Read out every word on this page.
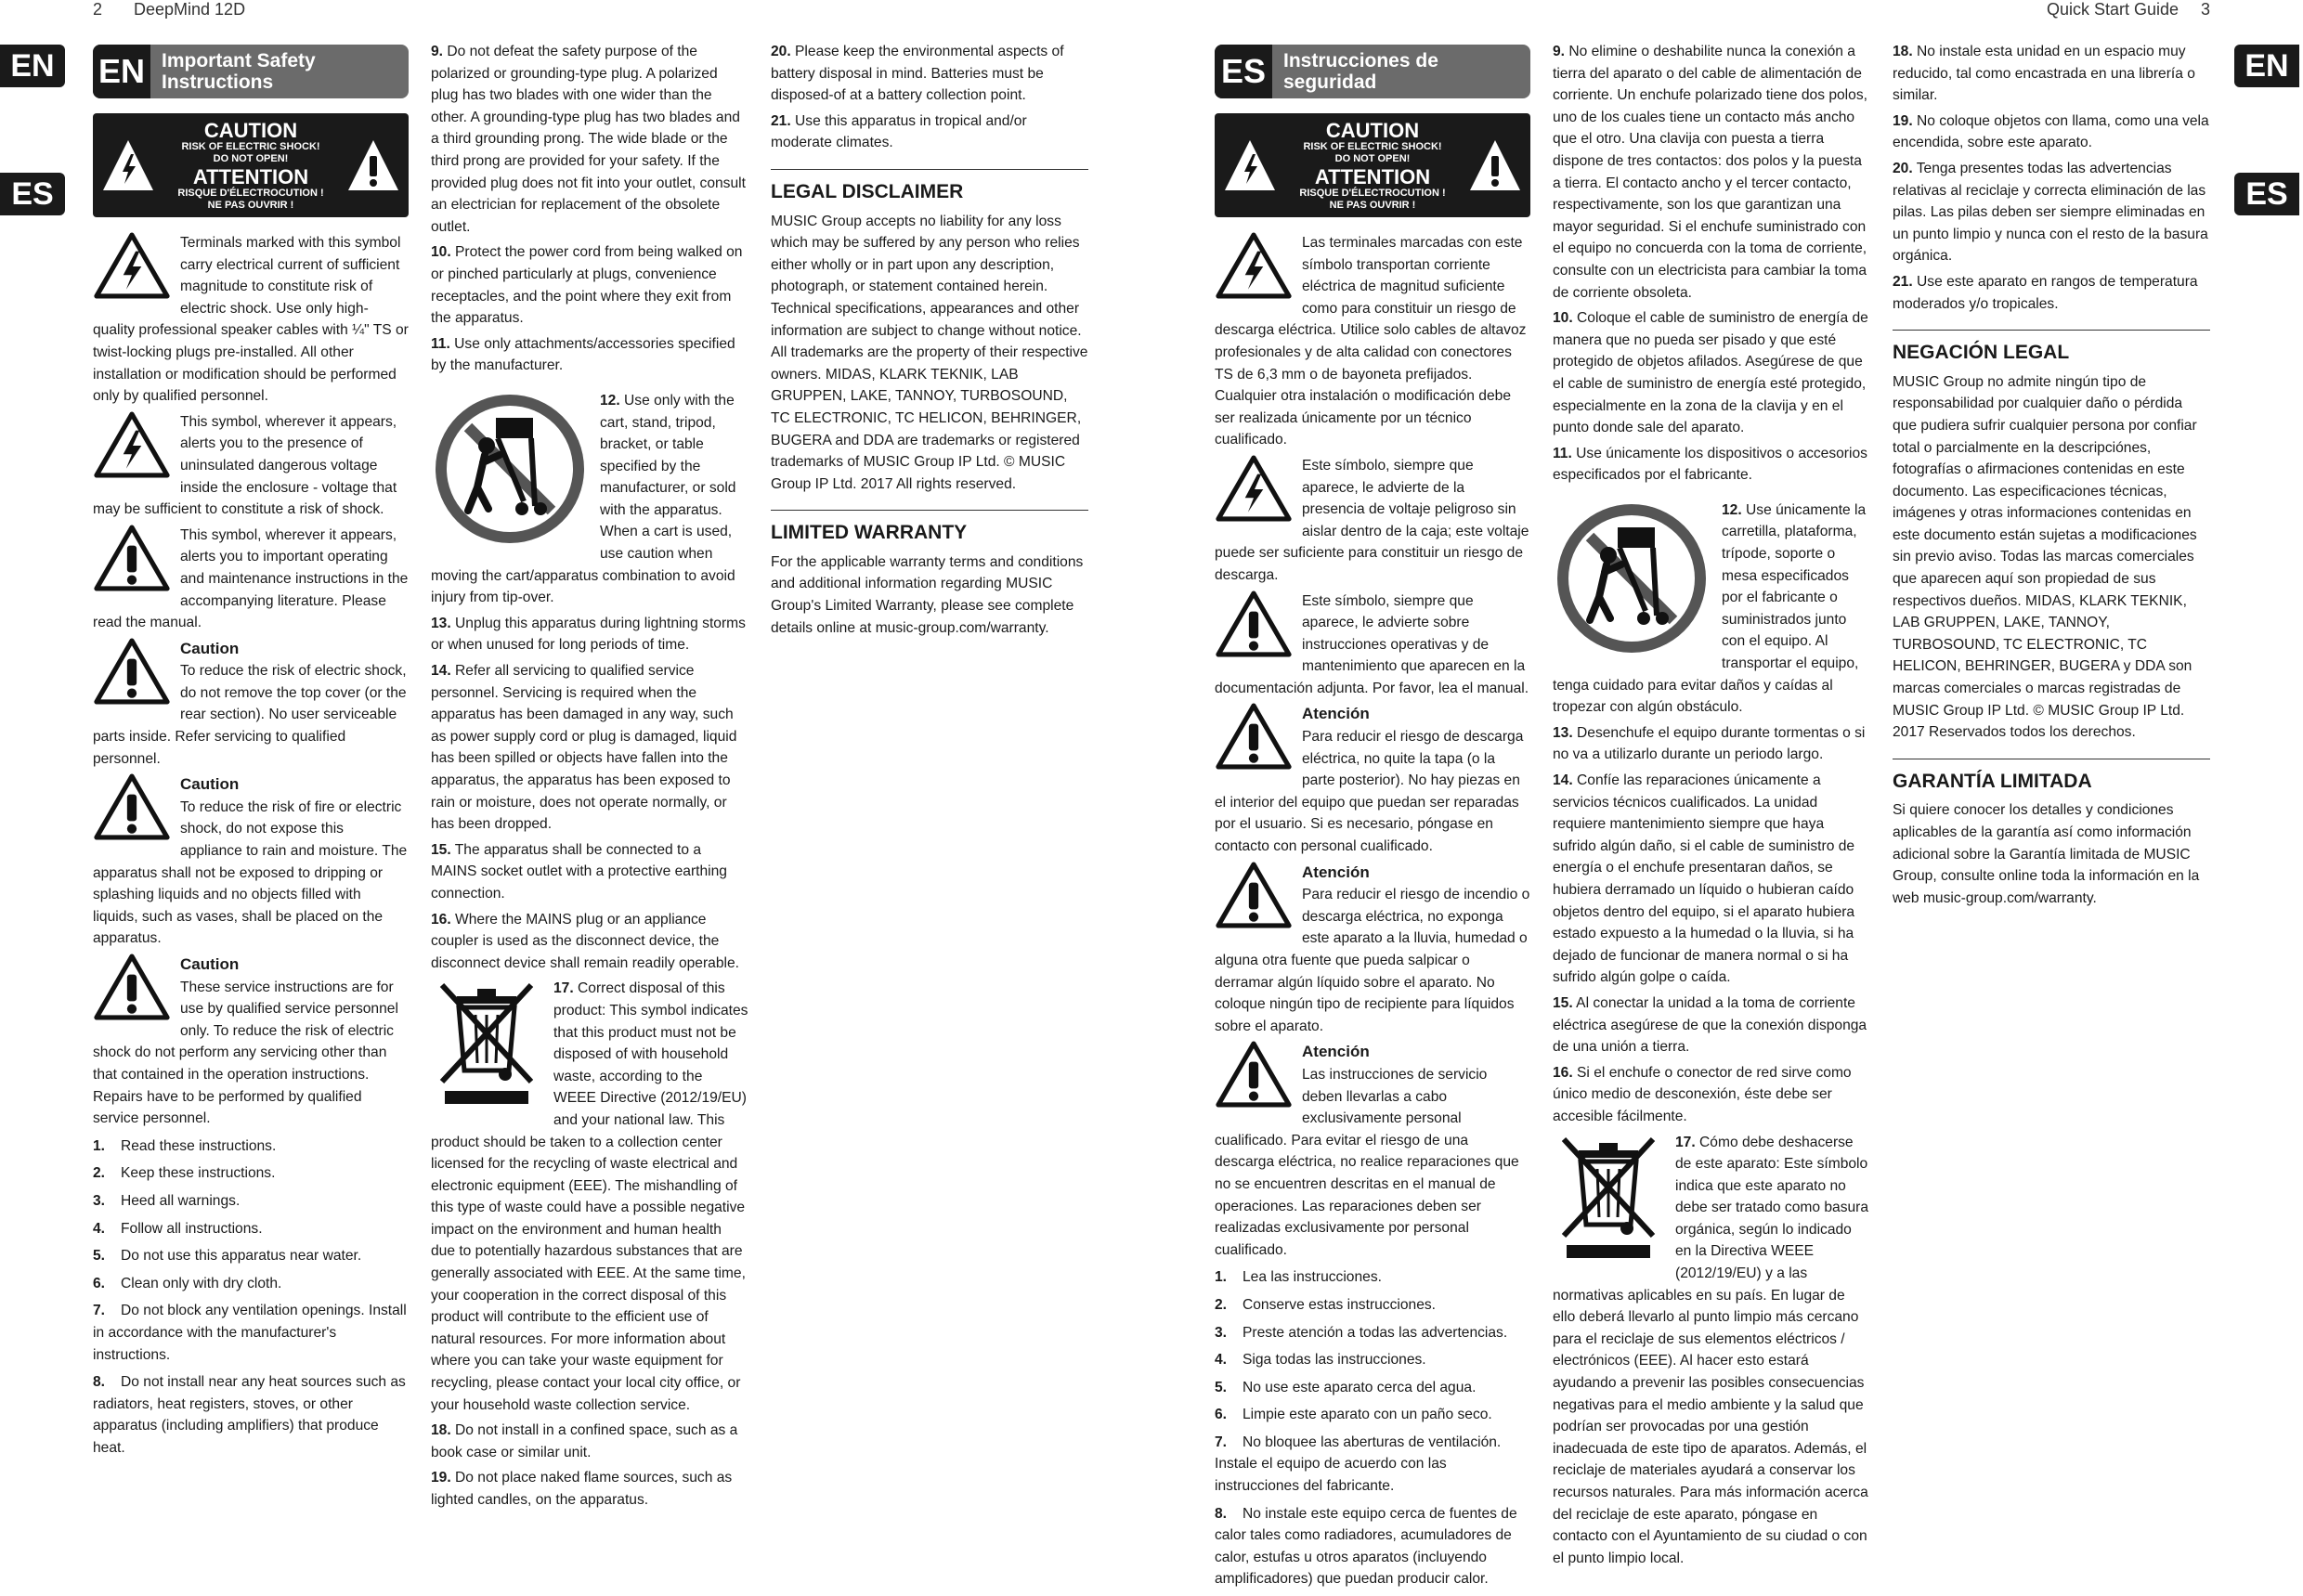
2 DeepMind 12D	Quick Start Guide 3
EN
ES
EN
ES
EN Important Safety
Instructions	ES Instrucciones de
seguridad
CAUTION
RISK OF ELECTRIC SHOCK!
DO NOT OPEN!
ATTENTION
RISQUE D'ÉLECTROCUTION !
NE PAS OUVRIR !
CAUTION
RISK OF ELECTRIC SHOCK!
DO NOT OPEN!
ATTENTION
RISQUE D'ÉLECTROCUTION !
NE PAS OUVRIR !

Terminals marked with this symbol carry electrical current of sufficient magnitude to constitute risk of electric shock. Use only high-quality professional speaker cables with ¼" TS or twist-locking plugs pre-installed. All other installation or modification should be performed only by qualified personnel.

This symbol, wherever it appears, alerts you to the presence of uninsulated dangerous voltage inside the enclosure - voltage that may be sufficient to constitute a risk of shock.

This symbol, wherever it appears, alerts you to important operating and maintenance instructions in the accompanying literature. Please read the manual.

Caution
To reduce the risk of electric shock, do not remove the top cover (or the rear section). No user serviceable parts inside. Refer servicing to qualified personnel.

Caution
To reduce the risk of fire or electric shock, do not expose this appliance to rain and moisture. The apparatus shall not be exposed to dripping or splashing liquids and no objects filled with liquids, such as vases, shall be placed on the apparatus.

Caution
These service instructions are for use by qualified service personnel only. To reduce the risk of electric shock do not perform any servicing other than that contained in the operation instructions. Repairs have to be performed by qualified service personnel.

1. Read these instructions.
2. Keep these instructions.
3. Heed all warnings.
4. Follow all instructions.
5. Do not use this apparatus near water.
6. Clean only with dry cloth.
7. Do not block any ventilation openings. Install in accordance with the manufacturer's instructions.
8. Do not install near any heat sources such as radiators, heat registers, stoves, or other apparatus (including amplifiers) that produce heat.

9. Do not defeat the safety purpose of the polarized or grounding-type plug. A polarized plug has two blades with one wider than the other. A grounding-type plug has two blades and a third grounding prong. The wide blade or the third prong are provided for your safety. If the provided plug does not fit into your outlet, consult an electrician for replacement of the obsolete outlet.

10. Protect the power cord from being walked on or pinched particularly at plugs, convenience receptacles, and the point where they exit from the apparatus.

11. Use only attachments/accessories specified by the manufacturer.

12. Use only with the cart, stand, tripod, bracket, or table specified by the manufacturer, or sold with the apparatus. When a cart is used, use caution when moving the cart/apparatus combination to avoid injury from tip-over.

13. Unplug this apparatus during lightning storms or when unused for long periods of time.

14. Refer all servicing to qualified service personnel. Servicing is required when the apparatus has been damaged in any way, such as power supply cord or plug is damaged, liquid has been spilled or objects have fallen into the apparatus, the apparatus has been exposed to rain or moisture, does not operate normally, or has been dropped.

15. The apparatus shall be connected to a MAINS socket outlet with a protective earthing connection.

16. Where the MAINS plug or an appliance coupler is used as the disconnect device, the disconnect device shall remain readily operable.

17. Correct disposal of this product: This symbol indicates that this product must not be disposed of with household waste, according to the WEEE Directive (2012/19/EU) and your national law. This product should be taken to a collection center licensed for the recycling of waste electrical and electronic equipment (EEE). The mishandling of this type of waste could have a possible negative impact on the environment and human health due to potentially hazardous substances that are generally associated with EEE. At the same time, your cooperation in the correct disposal of this product will contribute to the efficient use of natural resources. For more information about where you can take your waste equipment for recycling, please contact your local city office, or your household waste collection service.

18. Do not install in a confined space, such as a book case or similar unit.

19. Do not place naked flame sources, such as lighted candles, on the apparatus.

20. Please keep the environmental aspects of battery disposal in mind. Batteries must be disposed-of at a battery collection point.

21. Use this apparatus in tropical and/or moderate climates.

LEGAL DISCLAIMER

MUSIC Group accepts no liability for any loss which may be suffered by any person who relies either wholly or in part upon any description, photograph, or statement contained herein. Technical specifications, appearances and other information are subject to change without notice. All trademarks are the property of their respective owners. MIDAS, KLARK TEKNIK, LAB GRUPPEN, LAKE, TANNOY, TURBOSOUND, TC ELECTRONIC, TC HELICON, BEHRINGER, BUGERA and DDA are trademarks or registered trademarks of MUSIC Group IP Ltd. © MUSIC Group IP Ltd. 2017 All rights reserved.

LIMITED WARRANTY

For the applicable warranty terms and conditions and additional information regarding MUSIC Group's Limited Warranty, please see complete details online at music-group.com/warranty.

Las terminales marcadas con este símbolo transportan corriente eléctrica de magnitud suficiente como para constituir un riesgo de descarga eléctrica. Utilice solo cables de altavoz profesionales y de alta calidad con conectores TS de 6,3 mm o de bayoneta prefijados. Cualquier otra instalación o modificación debe ser realizada únicamente por un técnico cualificado.

Este símbolo, siempre que aparece, le advierte de la presencia de voltaje peligroso sin aislar dentro de la caja; este voltaje puede ser suficiente para constituir un riesgo de descarga.

Este símbolo, siempre que aparece, le advierte sobre instrucciones operativas y de mantenimiento que aparecen en la documentación adjunta. Por favor, lea el manual.

Atención
Para reducir el riesgo de descarga eléctrica, no quite la tapa (o la parte posterior). No hay piezas en el interior del equipo que puedan ser reparadas por el usuario. Si es necesario, póngase en contacto con personal cualificado.

Atención
Para reducir el riesgo de incendio o descarga eléctrica, no exponga este aparato a la lluvia, humedad o alguna otra fuente que pueda salpicar o derramar algún líquido sobre el aparato. No coloque ningún tipo de recipiente para líquidos sobre el aparato.

Atención
Las instrucciones de servicio deben llevarlas a cabo exclusivamente personal cualificado. Para evitar el riesgo de una descarga eléctrica, no realice reparaciones que no se encuentren descritas en el manual de operaciones. Las reparaciones deben ser realizadas exclusivamente por personal cualificado.

1. Lea las instrucciones.
2. Conserve estas instrucciones.
3. Preste atención a todas las advertencias.
4. Siga todas las instrucciones.
5. No use este aparato cerca del agua.
6. Limpie este aparato con un paño seco.
7. No bloquee las aberturas de ventilación. Instale el equipo de acuerdo con las instrucciones del fabricante.
8. No instale este equipo cerca de fuentes de calor tales como radiadores, acumuladores de calor, estufas u otros aparatos (incluyendo amplificadores) que puedan producir calor.

9. No elimine o deshabilite nunca la conexión a tierra del aparato o del cable de alimentación de corriente. Un enchufe polarizado tiene dos polos, uno de los cuales tiene un contacto más ancho que el otro. Una clavija con puesta a tierra dispone de tres contactos: dos polos y la puesta a tierra. El contacto ancho y el tercer contacto, respectivamente, son los que garantizan una mayor seguridad. Si el enchufe suministrado con el equipo no concuerda con la toma de corriente, consulte con un electricista para cambiar la toma de corriente obsoleta.

10. Coloque el cable de suministro de energía de manera que no pueda ser pisado y que esté protegido de objetos afilados. Asegúrese de que el cable de suministro de energía esté protegido, especialmente en la zona de la clavija y en el punto donde sale del aparato.

11. Use únicamente los dispositivos o accesorios especificados por el fabricante.

12. Use únicamente la carretilla, plataforma, trípode, soporte o mesa especificados por el fabricante o suministrados junto con el equipo. Al transportar el equipo, tenga cuidado para evitar daños y caídas al tropezar con algún obstáculo.

13. Desenchufe el equipo durante tormentas o si no va a utilizarlo durante un periodo largo.

14. Confíe las reparaciones únicamente a servicios técnicos cualificados. La unidad requiere mantenimiento siempre que haya sufrido algún daño, si el cable de suministro de energía o el enchufe presentaran daños, se hubiera derramado un líquido o hubieran caído objetos dentro del equipo, si el aparato hubiera estado expuesto a la humedad o la lluvia, si ha dejado de funcionar de manera normal o si ha sufrido algún golpe o caída.

15. Al conectar la unidad a la toma de corriente eléctrica asegúrese de que la conexión disponga de una unión a tierra.

16. Si el enchufe o conector de red sirve como único medio de desconexión, éste debe ser accesible fácilmente.

17. Cómo debe deshacerse de este aparato: Este símbolo indica que este aparato no debe ser tratado como basura orgánica, según lo indicado en la Directiva WEEE (2012/19/EU) y a las normativas aplicables en su país. En lugar de ello deberá llevarlo al punto limpio más cercano para el reciclaje de sus elementos eléctricos / electrónicos (EEE). Al hacer esto estará ayudando a prevenir las posibles consecuencias negativas para el medio ambiente y la salud que podrían ser provocadas por una gestión inadecuada de este tipo de aparatos. Además, el reciclaje de materiales ayudará a conservar los recursos naturales. Para más información acerca del reciclaje de este aparato, póngase en contacto con el Ayuntamiento de su ciudad o con el punto limpio local.

18. No instale esta unidad en un espacio muy reducido, tal como encastrada en una librería o similar.

19. No coloque objetos con llama, como una vela encendida, sobre este aparato.

20. Tenga presentes todas las advertencias relativas al reciclaje y correcta eliminación de las pilas. Las pilas deben ser siempre eliminadas en un punto limpio y nunca con el resto de la basura orgánica.

21. Use este aparato en rangos de temperatura moderados y/o tropicales.

NEGACIÓN LEGAL

MUSIC Group no admite ningún tipo de responsabilidad por cualquier daño o pérdida que pudiera sufrir cualquier persona por confiar total o parcialmente en la descripciónes, fotografías o afirmaciones contenidas en este documento. Las especificaciones técnicas, imágenes y otras informaciones contenidas en este documento están sujetas a modificaciones sin previo aviso. Todas las marcas comerciales que aparecen aquí son propiedad de sus respectivos dueños. MIDAS, KLARK TEKNIK, LAB GRUPPEN, LAKE, TANNOY, TURBOSOUND, TC ELECTRONIC, TC HELICON, BEHRINGER, BUGERA y DDA son marcas comerciales o marcas registradas de MUSIC Group IP Ltd. © MUSIC Group IP Ltd. 2017 Reservados todos los derechos.

GARANTÍA LIMITADA

Si quiere conocer los detalles y condiciones aplicables de la garantía así como información adicional sobre la Garantía limitada de MUSIC Group, consulte online toda la información en la web music-group.com/warranty.
